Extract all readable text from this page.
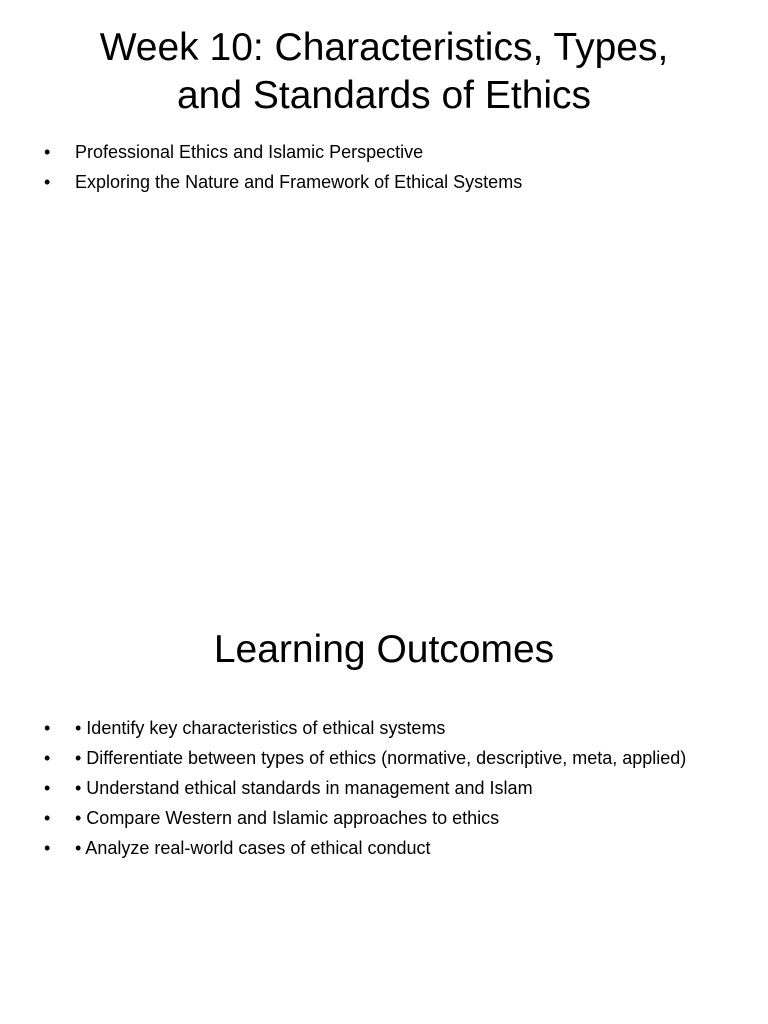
Week 10: Characteristics, Types,
and Standards of Ethics
•	Professional Ethics and Islamic Perspective
•	Exploring the Nature and Framework of Ethical Systems
Learning Outcomes
•	• Identify key characteristics of ethical systems
•	• Differentiate between types of ethics (normative, descriptive, meta, applied)
•	• Understand ethical standards in management and Islam
•	• Compare Western and Islamic approaches to ethics
•	• Analyze real-world cases of ethical conduct
